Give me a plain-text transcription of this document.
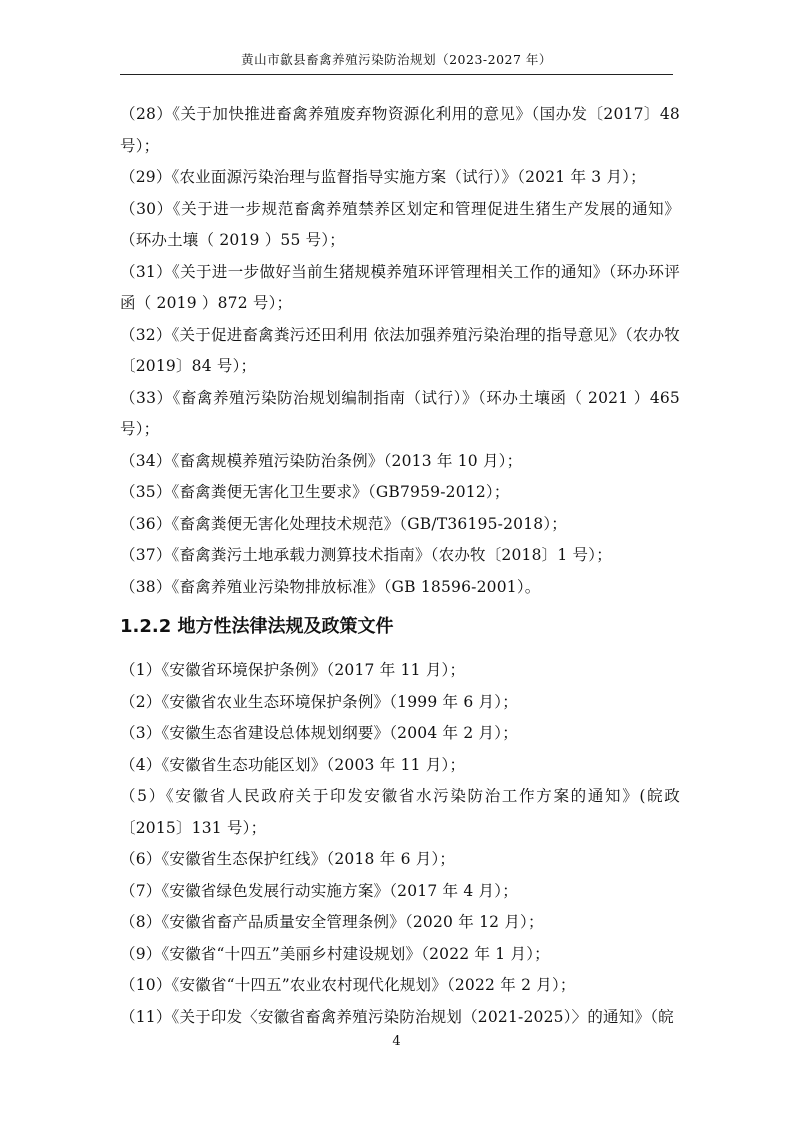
黄山市歙县畜禽养殖污染防治规划（2023-2027 年）
（28）《关于加快推进畜禽养殖废弃物资源化利用的意见》（国办发〔2017〕48号）；
（29）《农业面源污染治理与监督指导实施方案（试行）》（2021 年 3 月）；
（30）《关于进一步规范畜禽养殖禁养区划定和管理促进生猪生产发展的通知》（环办土壤（ 2019 ）55 号）；
（31）《关于进一步做好当前生猪规模养殖环评管理相关工作的通知》（环办环评函（ 2019 ）872 号）；
（32）《关于促进畜禽粪污还田利用 依法加强养殖污染治理的指导意见》（农办牧〔2019〕84 号）；
（33）《畜禽养殖污染防治规划编制指南（试行）》（环办土壤函（ 2021 ）465号）；
（34）《畜禽规模养殖污染防治条例》（2013 年 10 月）；
（35）《畜禽粪便无害化卫生要求》（GB7959-2012）；
（36）《畜禽粪便无害化处理技术规范》（GB/T36195-2018）；
（37）《畜禽粪污土地承载力测算技术指南》（农办牧〔2018〕1 号）；
（38）《畜禽养殖业污染物排放标准》（GB 18596-2001）。
1.2.2 地方性法律法规及政策文件
（1）《安徽省环境保护条例》（2017 年 11 月）；
（2）《安徽省农业生态环境保护条例》（1999 年 6 月）；
（3）《安徽生态省建设总体规划纲要》（2004 年 2 月）；
（4）《安徽省生态功能区划》（2003 年 11 月）；
（5）《安徽省人民政府关于印发安徽省水污染防治工作方案的通知》(皖政〔2015〕131 号）；
（6）《安徽省生态保护红线》（2018 年 6 月）；
（7）《安徽省绿色发展行动实施方案》（2017 年 4 月）；
（8）《安徽省畜产品质量安全管理条例》（2020 年 12 月）；
（9）《安徽省“十四五”美丽乡村建设规划》（2022 年 1 月）；
（10）《安徽省“十四五”农业农村现代化规划》（2022 年 2 月）；
（11）《关于印发〈安徽省畜禽养殖污染防治规划（2021-2025）〉的通知》（皖
4
